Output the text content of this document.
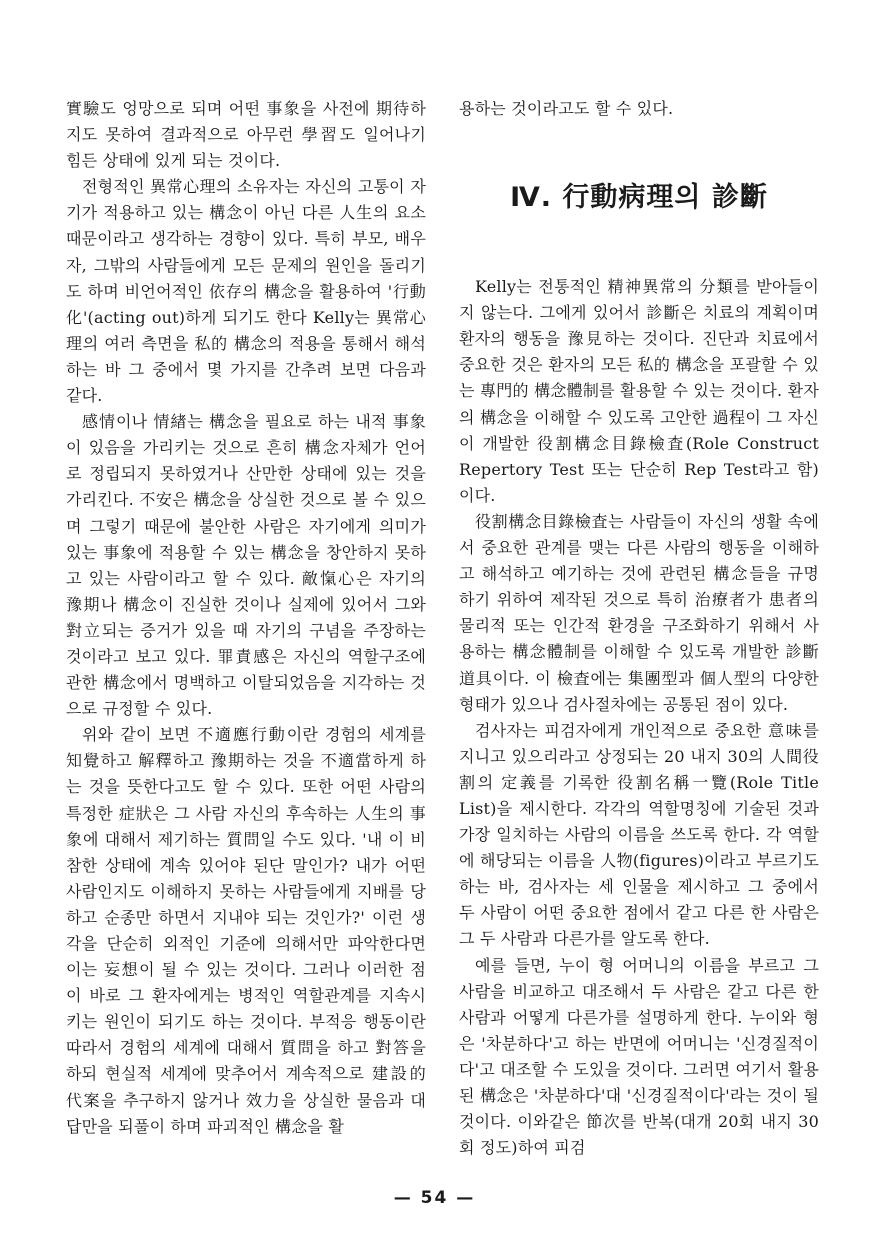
實驗도 엉망으로 되며 어떤 事象을 사전에 期待하지도 못하여 결과적으로 아무런 學習도 일어나기 힘든 상태에 있게 되는 것이다.

전형적인 異常心理의 소유자는 자신의 고통이 자기가 적용하고 있는 構念이 아닌 다른 人生의 요소 때문이라고 생각하는 경향이 있다. 특히 부모, 배우자, 그밖의 사람들에게 모든 문제의 원인을 돌리기도 하며 비언어적인 依存의 構念을 활용하여 '行動化'(acting out)하게 되기도 한다 Kelly는 異常心理의 여러 측면을 私的 構念의 적용을 통해서 해석하는 바 그 중에서 몇 가지를 간추려 보면 다음과 같다.

感情이나 情緖는 構念을 필요로 하는 내적 事象이 있음을 가리키는 것으로 흔히 構念자체가 언어로 정립되지 못하였거나 산만한 상태에 있는 것을 가리킨다. 不安은 構念을 상실한 것으로 볼 수 있으며 그렇기 때문에 불안한 사람은 자기에게 의미가 있는 事象에 적용할 수 있는 構念을 창안하지 못하고 있는 사람이라고 할 수 있다. 敵愾心은 자기의 豫期나 構念이 진실한 것이나 실제에 있어서 그와 對立되는 증거가 있을 때 자기의 구념을 주장하는 것이라고 보고 있다. 罪責感은 자신의 역할구조에 관한 構念에서 명백하고 이탈되었음을 지각하는 것으로 규정할 수 있다.

위와 같이 보면 不適應行動이란 경험의 세계를 知覺하고 解釋하고 豫期하는 것을 不適當하게 하는 것을 뜻한다고도 할 수 있다. 또한 어떤 사람의 특정한 症狀은 그 사람 자신의 후속하는 人生의 事象에 대해서 제기하는 質問일 수도 있다. '내 이 비참한 상태에 계속 있어야 된단 말인가? 내가 어떤 사람인지도 이해하지 못하는 사람들에게 지배를 당하고 순종만 하면서 지내야 되는 것인가?' 이런 생각을 단순히 외적인 기준에 의해서만 파악한다면 이는 妄想이 될 수 있는 것이다. 그러나 이러한 점이 바로 그 환자에게는 병적인 역할관계를 지속시키는 원인이 되기도 하는 것이다. 부적응 행동이란 따라서 경험의 세계에 대해서 質問을 하고 對答을 하되 현실적 세계에 맞추어서 계속적으로 建設的 代案을 추구하지 않거나 效力을 상실한 물음과 대답만을 되풀이 하며 파괴적인 構念을 활

용하는 것이라고도 할 수 있다.

Ⅳ. 行動病理의 診斷

Kelly는 전통적인 精神異常의 分類를 받아들이지 않는다. 그에게 있어서 診斷은 치료의 계획이며 환자의 행동을 豫見하는 것이다. 진단과 치료에서 중요한 것은 환자의 모든 私的 構念을 포괄할 수 있는 專門的 構念體制를 활용할 수 있는 것이다. 환자의 構念을 이해할 수 있도록 고안한 過程이 그 자신이 개발한 役割構念目錄檢査(Role Construct Repertory Test 또는 단순히 Rep Test라고 함)이다.

役割構念目錄檢査는 사람들이 자신의 생활 속에서 중요한 관계를 맺는 다른 사람의 행동을 이해하고 해석하고 예기하는 것에 관련된 構念들을 규명하기 위하여 제작된 것으로 특히 治療者가 患者의 물리적 또는 인간적 환경을 구조화하기 위해서 사용하는 構念體制를 이해할 수 있도록 개발한 診斷道具이다. 이 檢査에는 集團型과 個人型의 다양한 형태가 있으나 검사절차에는 공통된 점이 있다.

검사자는 피검자에게 개인적으로 중요한 意味를 지니고 있으리라고 상정되는 20 내지 30의 人間役割의 定義를 기록한 役割名稱一覽(Role Title List)을 제시한다. 각각의 역할명칭에 기술된 것과 가장 일치하는 사람의 이름을 쓰도록 한다. 각 역할에 해당되는 이름을 人物(figures)이라고 부르기도 하는 바, 검사자는 세 인물을 제시하고 그 중에서 두 사람이 어떤 중요한 점에서 같고 다른 한 사람은 그 두 사람과 다른가를 알도록 한다.

예를 들면, 누이 형 어머니의 이름을 부르고 그 사람을 비교하고 대조해서 두 사람은 같고 다른 한 사람과 어떻게 다른가를 설명하게 한다. 누이와 형은 '차분하다'고 하는 반면에 어머니는 '신경질적이다'고 대조할 수 도있을 것이다. 그러면 여기서 활용된 構念은 '차분하다'대 '신경질적이다'라는 것이 될 것이다. 이와같은 節次를 반복(대개 20회 내지 30회 정도)하여 피검

— 54 —
